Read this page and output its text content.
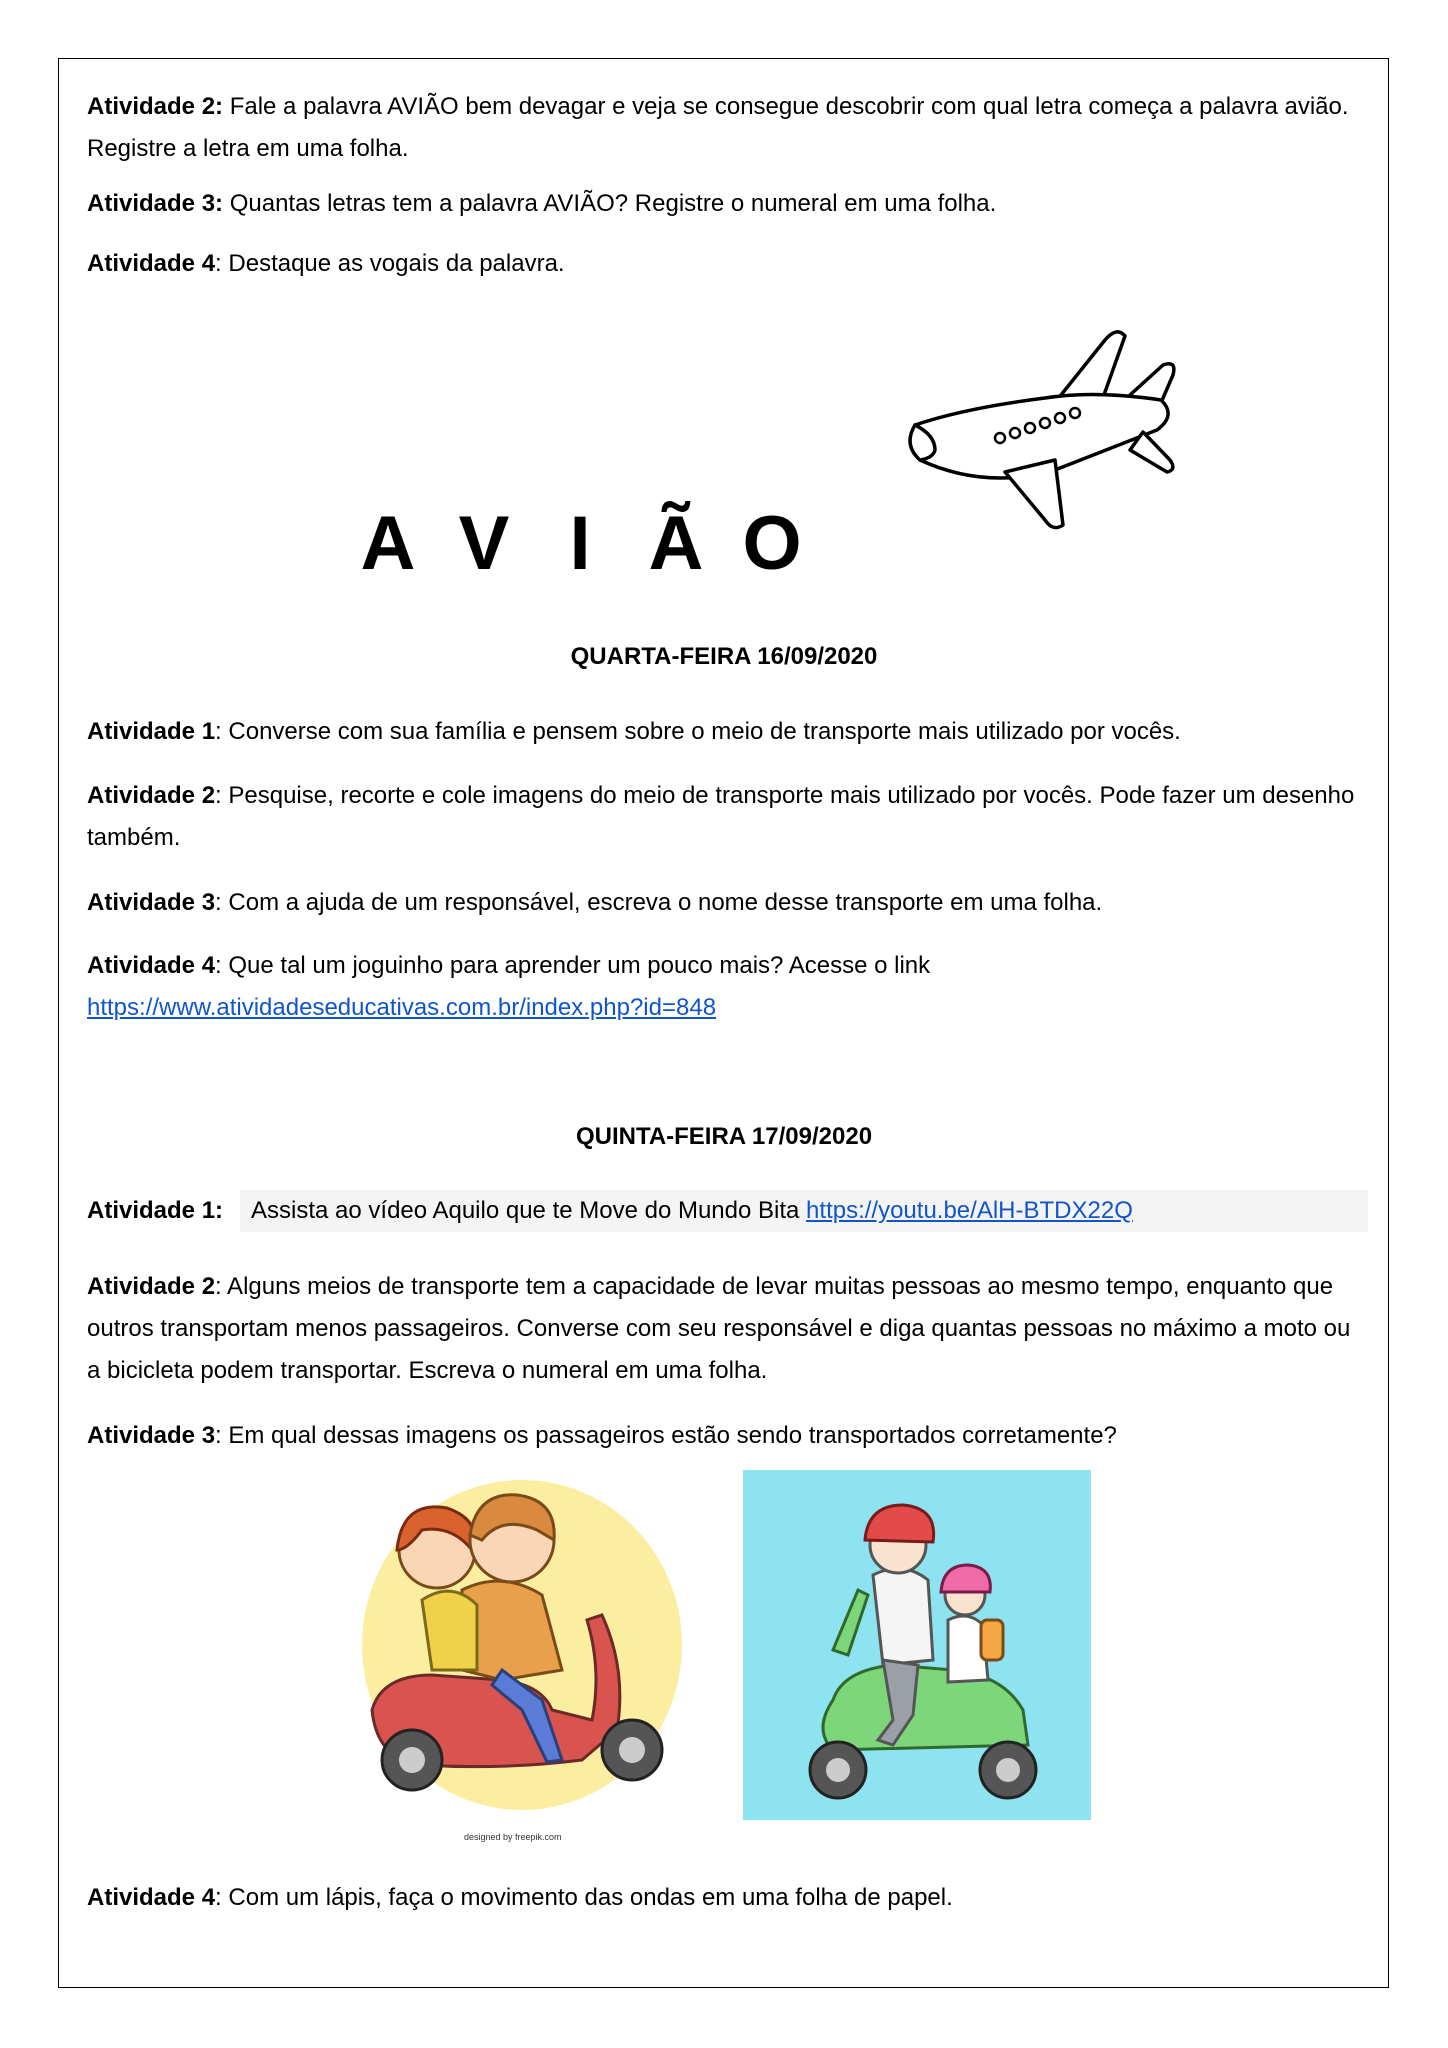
Atividade 2: Fale a palavra AVIÃO bem devagar e veja se consegue descobrir com qual letra começa a palavra avião. Registre a letra em uma folha.

Atividade 3: Quantas letras tem a palavra AVIÃO? Registre o numeral em uma folha.

Atividade 4: Destaque as vogais da palavra.

A V I Ã O
QUARTA-FEIRA 16/09/2020

Atividade 1: Converse com sua família e pensem sobre o meio de transporte mais utilizado por vocês.

Atividade 2: Pesquise, recorte e cole imagens do meio de transporte mais utilizado por vocês. Pode fazer um desenho também.

Atividade 3: Com a ajuda de um responsável, escreva o nome desse transporte em uma folha.

Atividade 4: Que tal um joguinho para aprender um pouco mais? Acesse o link
https://www.atividadeseducativas.com.br/index.php?id=848

QUINTA-FEIRA 17/09/2020

Atividade 1: Assista ao vídeo Aquilo que te Move do Mundo Bita https://youtu.be/AlH-BTDX22Q

Atividade 2: Alguns meios de transporte tem a capacidade de levar muitas pessoas ao mesmo tempo, enquanto que outros transportam menos passageiros. Converse com seu responsável e diga quantas pessoas no máximo a moto ou a bicicleta podem transportar. Escreva o numeral em uma folha.

Atividade 3: Em qual dessas imagens os passageiros estão sendo transportados corretamente?

designed by freepik.com

Atividade 4: Com um lápis, faça o movimento das ondas em uma folha de papel.
